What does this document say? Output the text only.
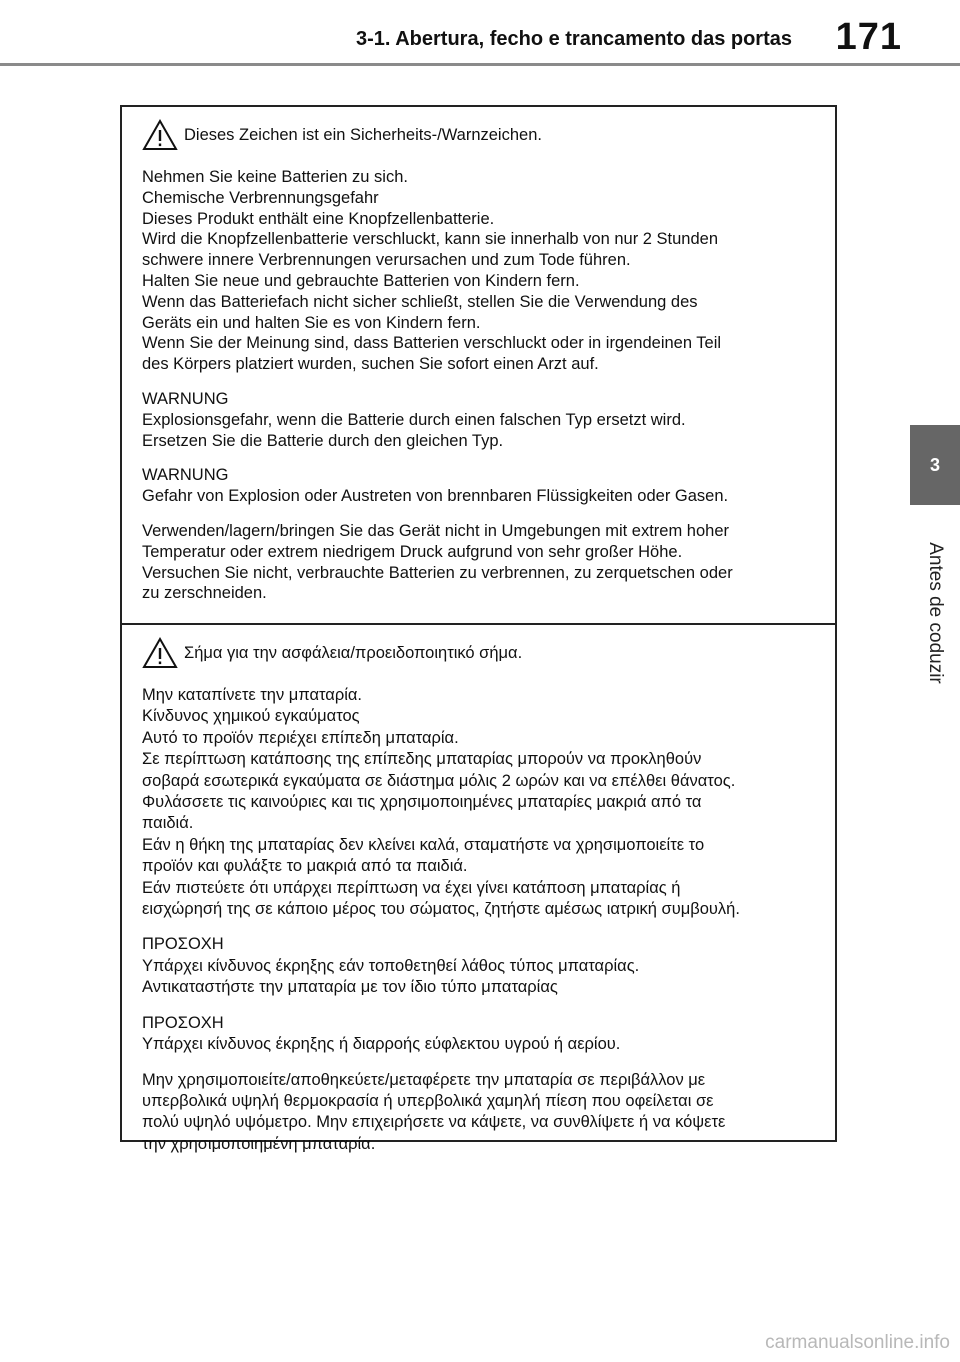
3-1. Abertura, fecho e trancamento das portas 171
3
Antes de coduzir
Dieses Zeichen ist ein Sicherheits-/Warnzeichen.

Nehmen Sie keine Batterien zu sich.

Chemische Verbrennungsgefahr

Dieses Produkt enthält eine Knopfzellenbatterie.

Wird die Knopfzellenbatterie verschluckt, kann sie innerhalb von nur 2 Stunden

schwere innere Verbrennungen verursachen und zum Tode führen.

Halten Sie neue und gebrauchte Batterien von Kindern fern.

Wenn das Batteriefach nicht sicher schließt, stellen Sie die Verwendung des

Geräts ein und halten Sie es von Kindern fern.

Wenn Sie der Meinung sind, dass Batterien verschluckt oder in irgendeinen Teil

des Körpers platziert wurden, suchen Sie sofort einen Arzt auf.

WARNUNG

Explosionsgefahr, wenn die Batterie durch einen falschen Typ ersetzt wird.

Ersetzen Sie die Batterie durch den gleichen Typ.

WARNUNG

Gefahr von Explosion oder Austreten von brennbaren Flüssigkeiten oder Gasen.

Verwenden/lagern/bringen Sie das Gerät nicht in Umgebungen mit extrem hoher

Temperatur oder extrem niedrigem Druck aufgrund von sehr großer Höhe.

Versuchen Sie nicht, verbrauchte Batterien zu verbrennen, zu zerquetschen oder

zu zerschneiden.

Σήμα για την ασφάλεια/προειδοποιητικό σήμα.

Μην καταπίνετε την μπαταρία.

Κίνδυνος χημικού εγκαύματος

Αυτό το προϊόν περιέχει επίπεδη μπαταρία.

Σε περίπτωση κατάποσης της επίπεδης μπαταρίας μπορούν να προκληθούν

σοβαρά εσωτερικά εγκαύματα σε διάστημα μόλις 2 ωρών και να επέλθει θάνατος.

Φυλάσσετε τις καινούριες και τις χρησιμοποιημένες μπαταρίες μακριά από τα

παιδιά.

Εάν η θήκη της μπαταρίας δεν κλείνει καλά, σταματήστε να χρησιμοποιείτε το

προϊόν και φυλάξτε το μακριά από τα παιδιά.

Εάν πιστεύετε ότι υπάρχει περίπτωση να έχει γίνει κατάποση μπαταρίας ή

εισχώρησή της σε κάποιο μέρος του σώματος, ζητήστε αμέσως ιατρική συμβουλή.

ΠΡΟΣΟΧΗ

Υπάρχει κίνδυνος έκρηξης εάν τοποθετηθεί λάθος τύπος μπαταρίας.

Αντικαταστήστε την μπαταρία με τον ίδιο τύπο μπαταρίας

ΠΡΟΣΟΧΗ

Υπάρχει κίνδυνος έκρηξης ή διαρροής εύφλεκτου υγρού ή αερίου.

Μην χρησιμοποιείτε/αποθηκεύετε/μεταφέρετε την μπαταρία σε περιβάλλον με

υπερβολικά υψηλή θερμοκρασία ή υπερβολικά χαμηλή πίεση που οφείλεται σε

πολύ υψηλό υψόμετρο. Μην επιχειρήσετε να κάψετε, να συνθλίψετε ή να κόψετε

την χρησιμοποιημένη μπαταρία.

carmanualsonline.info
